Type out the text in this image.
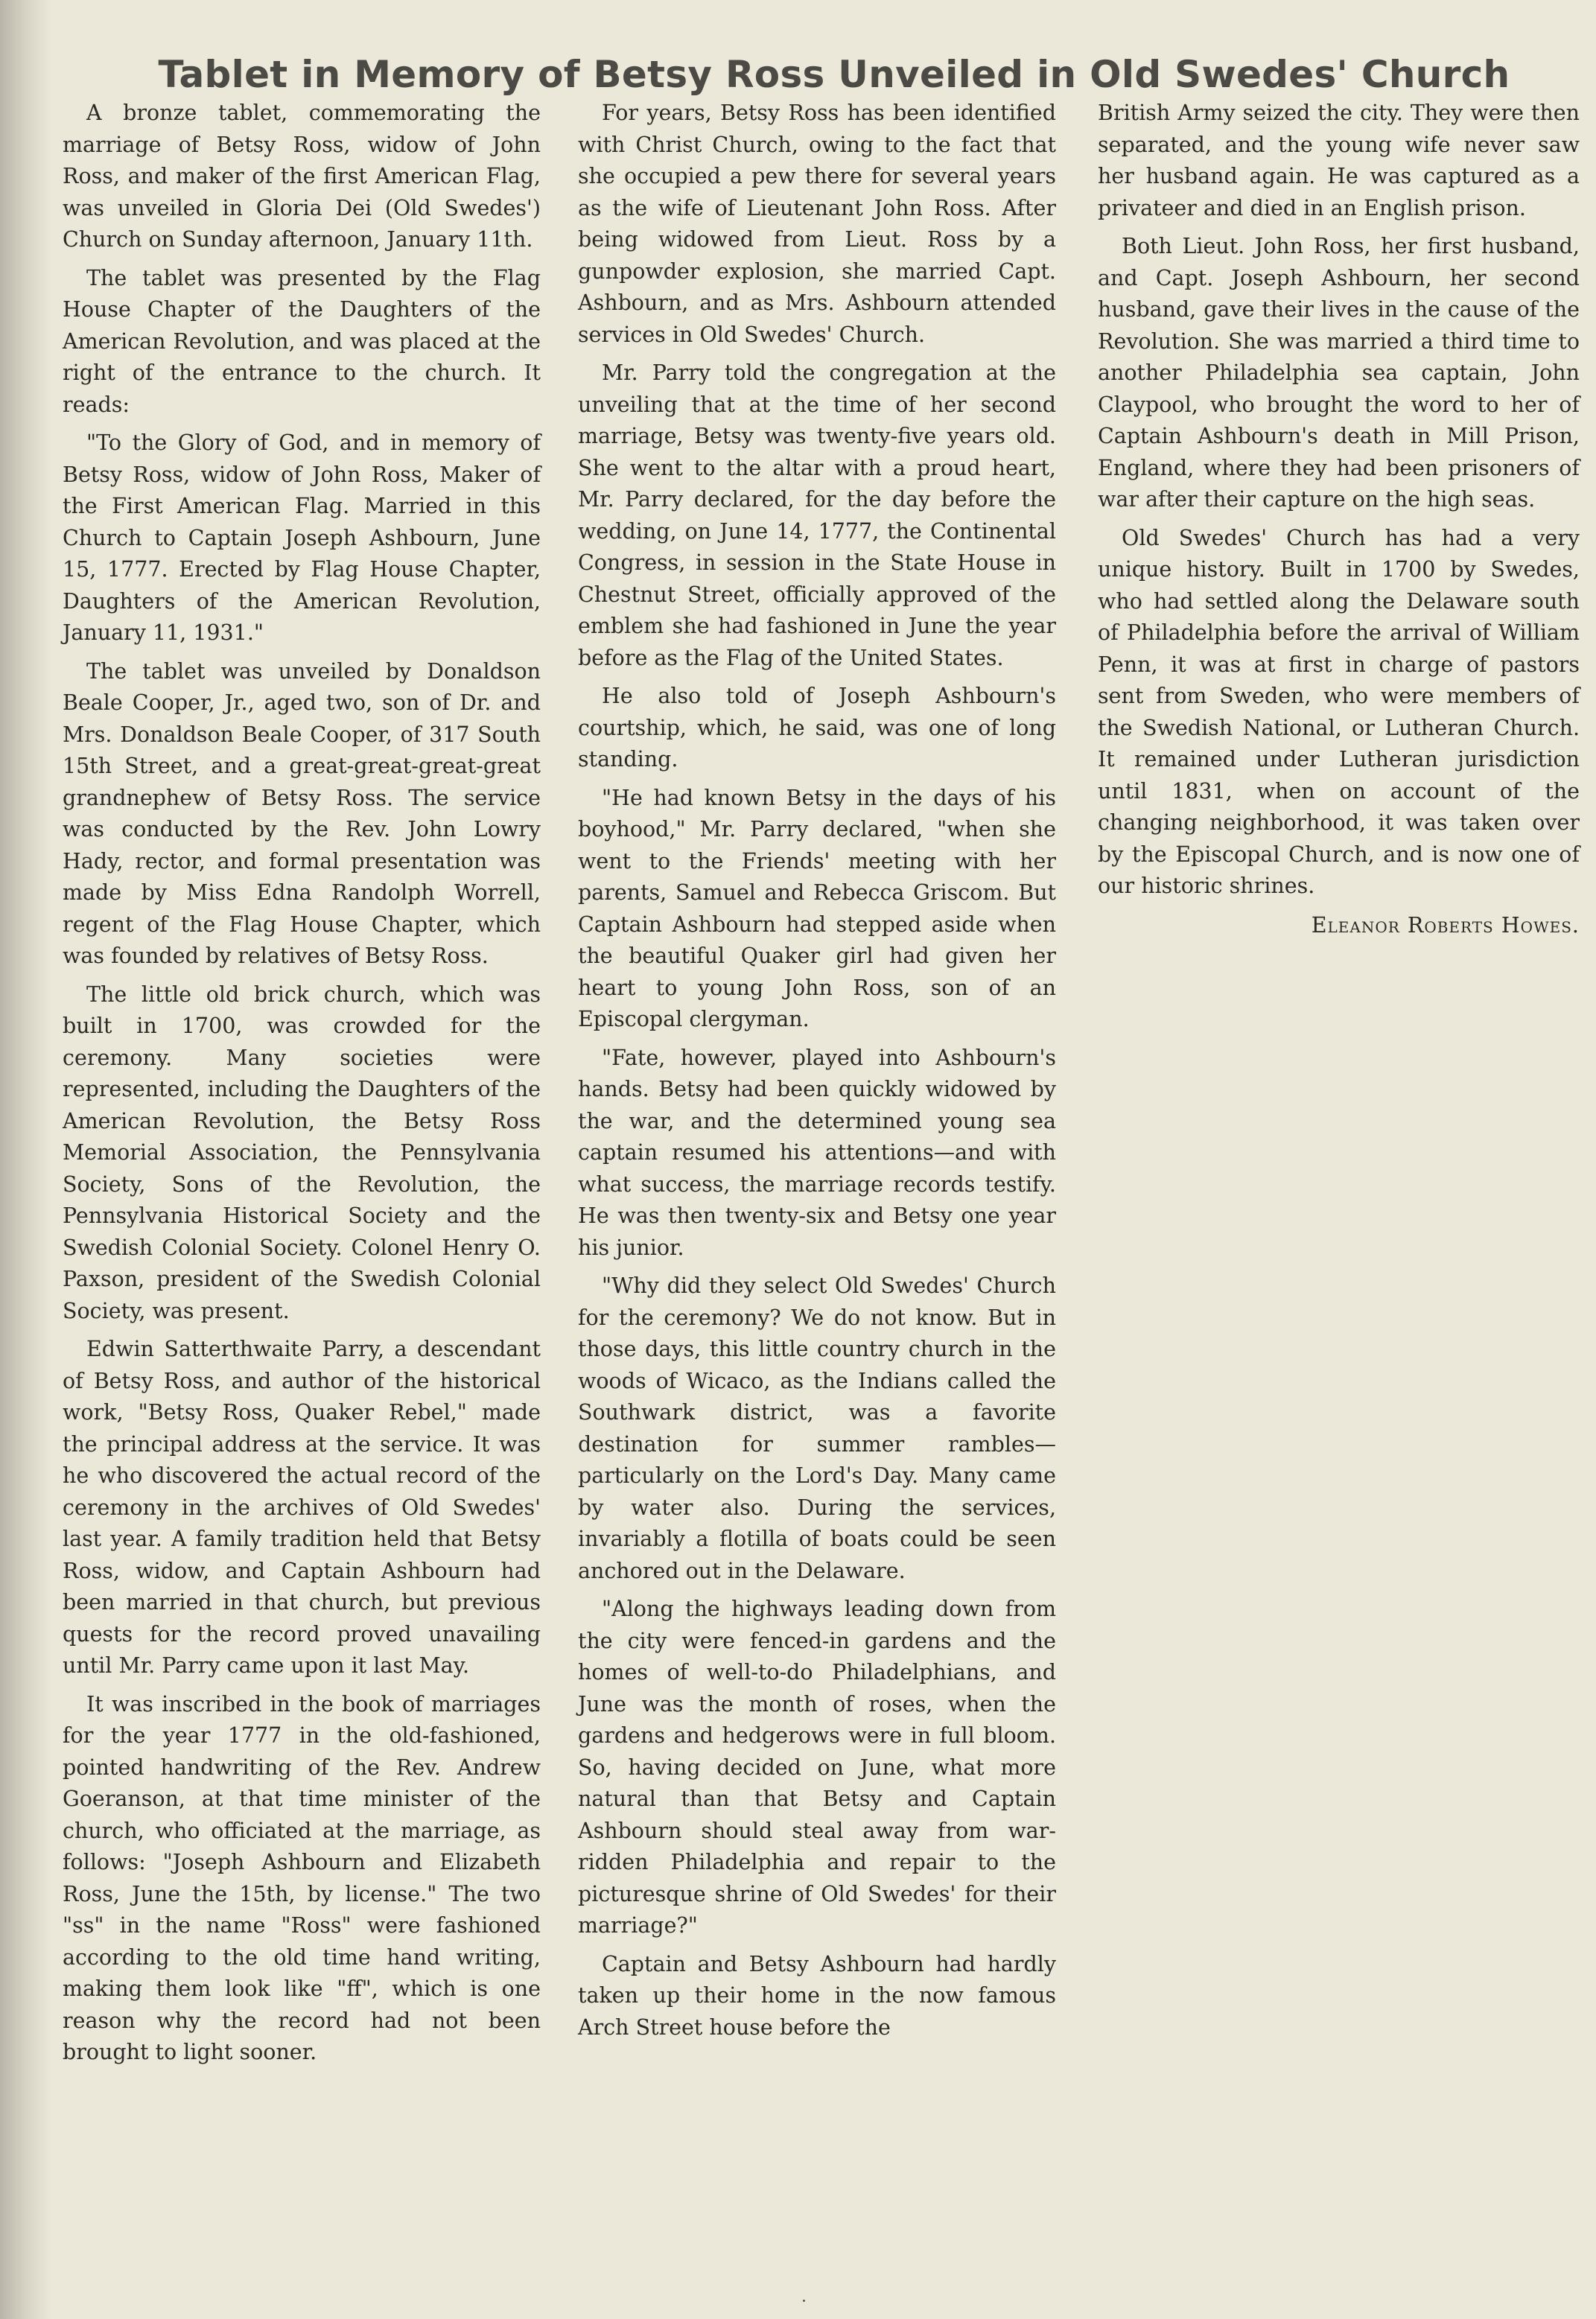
Tablet in Memory of Betsy Ross Unveiled in Old Swedes' Church

A bronze tablet, commemorating the marriage of Betsy Ross, widow of John Ross, and maker of the first American Flag, was unveiled in Gloria Dei (Old Swedes') Church on Sunday afternoon, January 11th.

The tablet was presented by the Flag House Chapter of the Daughters of the American Revolution, and was placed at the right of the entrance to the church. It reads:

"To the Glory of God, and in memory of Betsy Ross, widow of John Ross, Maker of the First American Flag. Married in this Church to Captain Joseph Ashbourn, June 15, 1777. Erected by Flag House Chapter, Daughters of the American Revolution, January 11, 1931."

The tablet was unveiled by Donaldson Beale Cooper, Jr., aged two, son of Dr. and Mrs. Donaldson Beale Cooper, of 317 South 15th Street, and a great-great-great-great grandnephew of Betsy Ross. The service was conducted by the Rev. John Lowry Hady, rector, and formal presentation was made by Miss Edna Randolph Worrell, regent of the Flag House Chapter, which was founded by relatives of Betsy Ross.

The little old brick church, which was built in 1700, was crowded for the ceremony. Many societies were represented, including the Daughters of the American Revolution, the Betsy Ross Memorial Association, the Pennsylvania Society, Sons of the Revolution, the Pennsylvania Historical Society and the Swedish Colonial Society. Colonel Henry O. Paxson, president of the Swedish Colonial Society, was present.

Edwin Satterthwaite Parry, a descendant of Betsy Ross, and author of the historical work, "Betsy Ross, Quaker Rebel," made the principal address at the service. It was he who discovered the actual record of the ceremony in the archives of Old Swedes' last year. A family tradition held that Betsy Ross, widow, and Captain Ashbourn had been married in that church, but previous quests for the record proved unavailing until Mr. Parry came upon it last May.

It was inscribed in the book of marriages for the year 1777 in the old-fashioned, pointed handwriting of the Rev. Andrew Goeranson, at that time minister of the church, who officiated at the marriage, as follows: "Joseph Ashbourn and Elizabeth Ross, June the 15th, by license." The two "ss" in the name "Ross" were fashioned according to the old time hand writing, making them look like "ff", which is one reason why the record had not been brought to light sooner.

For years, Betsy Ross has been identified with Christ Church, owing to the fact that she occupied a pew there for several years as the wife of Lieutenant John Ross. After being widowed from Lieut. Ross by a gunpowder explosion, she married Capt. Ashbourn, and as Mrs. Ashbourn attended services in Old Swedes' Church.

Mr. Parry told the congregation at the unveiling that at the time of her second marriage, Betsy was twenty-five years old. She went to the altar with a proud heart, Mr. Parry declared, for the day before the wedding, on June 14, 1777, the Continental Congress, in session in the State House in Chestnut Street, officially approved of the emblem she had fashioned in June the year before as the Flag of the United States.

He also told of Joseph Ashbourn's courtship, which, he said, was one of long standing.

"He had known Betsy in the days of his boyhood," Mr. Parry declared, "when she went to the Friends' meeting with her parents, Samuel and Rebecca Griscom. But Captain Ashbourn had stepped aside when the beautiful Quaker girl had given her heart to young John Ross, son of an Episcopal clergyman.

"Fate, however, played into Ashbourn's hands. Betsy had been quickly widowed by the war, and the determined young sea captain resumed his attentions—and with what success, the marriage records testify. He was then twenty-six and Betsy one year his junior.

"Why did they select Old Swedes' Church for the ceremony? We do not know. But in those days, this little country church in the woods of Wicaco, as the Indians called the Southwark district, was a favorite destination for summer rambles—particularly on the Lord's Day. Many came by water also. During the services, invariably a flotilla of boats could be seen anchored out in the Delaware.

"Along the highways leading down from the city were fenced-in gardens and the homes of well-to-do Philadelphians, and June was the month of roses, when the gardens and hedgerows were in full bloom. So, having decided on June, what more natural than that Betsy and Captain Ashbourn should steal away from war-ridden Philadelphia and repair to the picturesque shrine of Old Swedes' for their marriage?"

Captain and Betsy Ashbourn had hardly taken up their home in the now famous Arch Street house before the

British Army seized the city. They were then separated, and the young wife never saw her husband again. He was captured as a privateer and died in an English prison.

Both Lieut. John Ross, her first husband, and Capt. Joseph Ashbourn, her second husband, gave their lives in the cause of the Revolution. She was married a third time to another Philadelphia sea captain, John Claypool, who brought the word to her of Captain Ashbourn's death in Mill Prison, England, where they had been prisoners of war after their capture on the high seas.

Old Swedes' Church has had a very unique history. Built in 1700 by Swedes, who had settled along the Delaware south of Philadelphia before the arrival of William Penn, it was at first in charge of pastors sent from Sweden, who were members of the Swedish National, or Lutheran Church. It remained under Lutheran jurisdiction until 1831, when on account of the changing neighborhood, it was taken over by the Episcopal Church, and is now one of our historic shrines.

Eleanor Roberts Howes.
